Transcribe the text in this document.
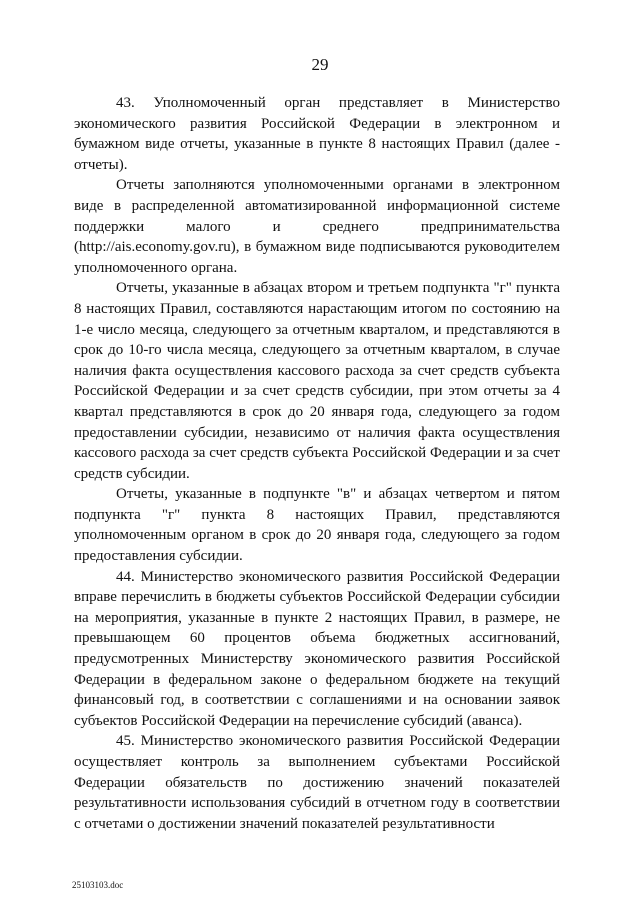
29

43. Уполномоченный орган представляет в Министерство экономического развития Российской Федерации в электронном и бумажном виде отчеты, указанные в пункте 8 настоящих Правил (далее - отчеты).

Отчеты заполняются уполномоченными органами в электронном виде в распределенной автоматизированной информационной системе поддержки малого и среднего предпринимательства (http://ais.economy.gov.ru), в бумажном виде подписываются руководителем уполномоченного органа.

Отчеты, указанные в абзацах втором и третьем подпункта "г" пункта 8 настоящих Правил, составляются нарастающим итогом по состоянию на 1-е число месяца, следующего за отчетным кварталом, и представляются в срок до 10-го числа месяца, следующего за отчетным кварталом, в случае наличия факта осуществления кассового расхода за счет средств субъекта Российской Федерации и за счет средств субсидии, при этом отчеты за 4 квартал представляются в срок до 20 января года, следующего за годом предоставлении субсидии, независимо от наличия факта осуществления кассового расхода за счет средств субъекта Российской Федерации и за счет средств субсидии.

Отчеты, указанные в подпункте "в" и абзацах четвертом и пятом подпункта "г" пункта 8 настоящих Правил, представляются уполномоченным органом в срок до 20 января года, следующего за годом предоставления субсидии.

44. Министерство экономического развития Российской Федерации вправе перечислить в бюджеты субъектов Российской Федерации субсидии на мероприятия, указанные в пункте 2 настоящих Правил, в размере, не превышающем 60 процентов объема бюджетных ассигнований, предусмотренных Министерству экономического развития Российской Федерации в федеральном законе о федеральном бюджете на текущий финансовый год, в соответствии с соглашениями и на основании заявок субъектов Российской Федерации на перечисление субсидий (аванса).

45. Министерство экономического развития Российской Федерации осуществляет контроль за выполнением субъектами Российской Федерации обязательств по достижению значений показателей результативности использования субсидий в отчетном году в соответствии с отчетами о достижении значений показателей результативности

25103103.doc
